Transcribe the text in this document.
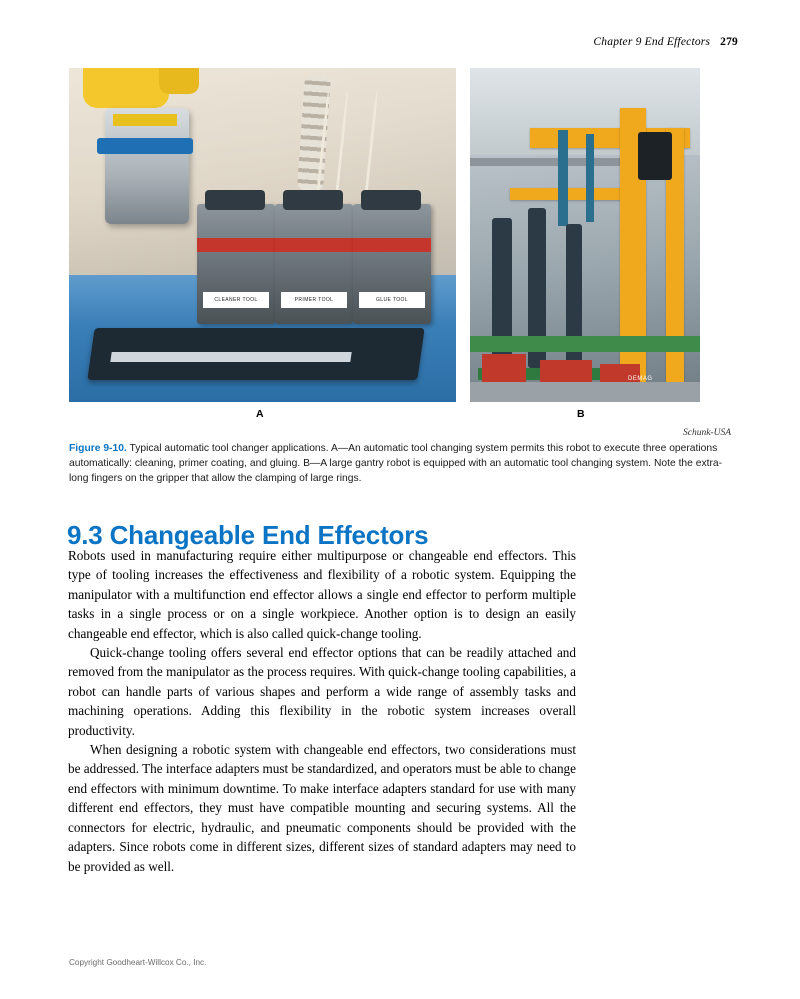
Chapter 9 End Effectors 279
CLEANER TOOL	PRIMER TOOL	GLUE TOOL
DEMAG
A	B
Schunk-USA
Figure 9-10. Typical automatic tool changer applications. A—An automatic tool changing system permits this robot to execute three operations automatically: cleaning, primer coating, and gluing. B—A large gantry robot is equipped with an automatic tool changing system. Note the extra-long fingers on the gripper that allow the clamping of large rings.
9.3 Changeable End Effectors

Robots used in manufacturing require either multipurpose or changeable end effectors. This type of tooling increases the effectiveness and flexibility of a robotic system. Equipping the manipulator with a multifunction end effector allows a single end effector to perform multiple tasks in a single process or on a single workpiece. Another option is to design an easily changeable end effector, which is also called quick-change tooling.

Quick-change tooling offers several end effector options that can be readily attached and removed from the manipulator as the process requires. With quick-change tooling capabilities, a robot can handle parts of various shapes and perform a wide range of assembly tasks and machining operations. Adding this flexibility in the robotic system increases overall productivity.

When designing a robotic system with changeable end effectors, two considerations must be addressed. The interface adapters must be standardized, and operators must be able to change end effectors with minimum downtime. To make interface adapters standard for use with many different end effectors, they must have compatible mounting and securing systems. All the connectors for electric, hydraulic, and pneumatic components should be provided with the adapters. Since robots come in different sizes, different sizes of standard adapters may need to be provided as well.

Copyright Goodheart-Willcox Co., Inc.
